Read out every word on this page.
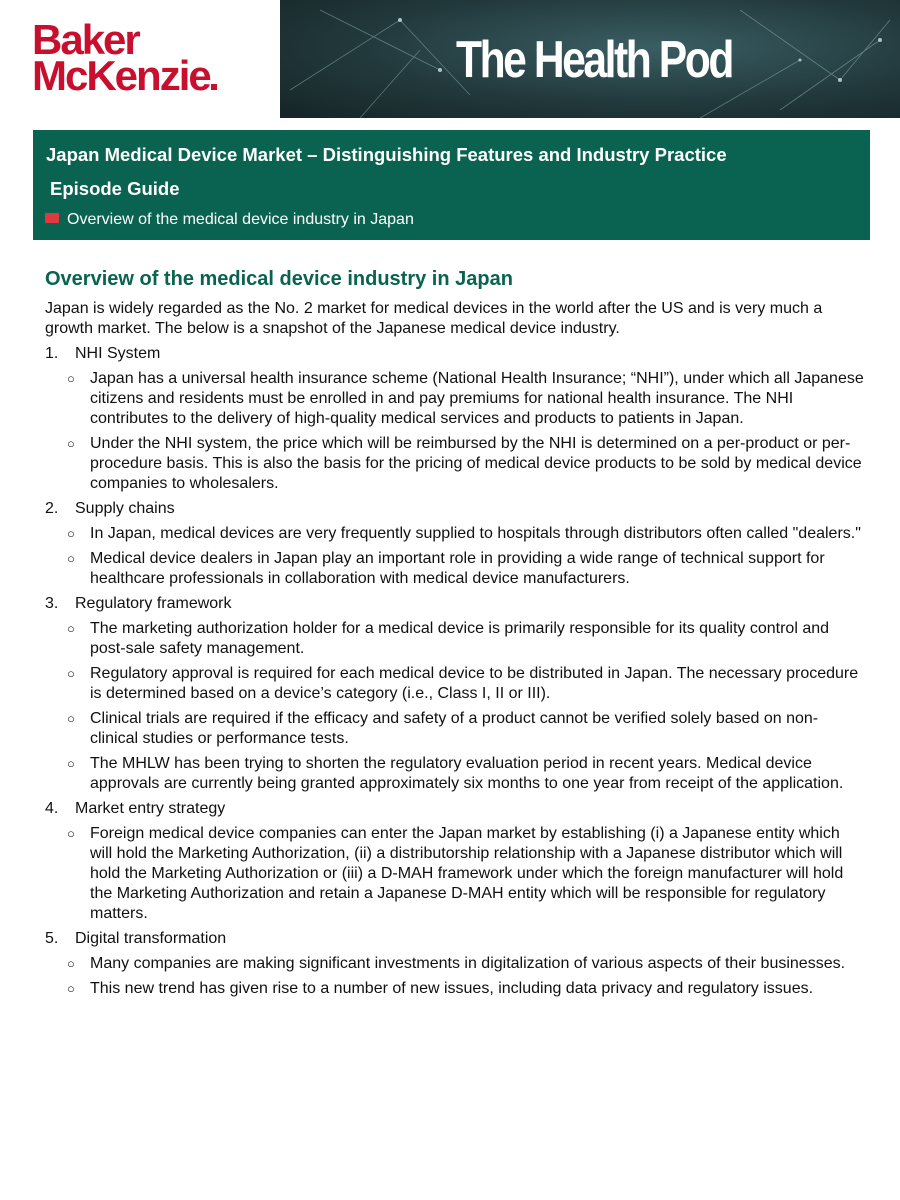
Baker
McKenzie	The Health Pod
Japan Medical Device Market – Distinguishing Features and Industry Practice
Episode Guide
Overview of the medical device industry in Japan
Overview of the medical device industry in Japan

Japan is widely regarded as the No. 2 market for medical devices in the world after the US and is very much a growth market. The below is a snapshot of the Japanese medical device industry.

1. NHI System
○ Japan has a universal health insurance scheme (National Health Insurance; “NHI”), under which all Japanese citizens and residents must be enrolled in and pay premiums for national health insurance. The NHI contributes to the delivery of high-quality medical services and products to patients in Japan.
○ Under the NHI system, the price which will be reimbursed by the NHI is determined on a per-product or per-procedure basis. This is also the basis for the pricing of medical device products to be sold by medical device companies to wholesalers.
2. Supply chains
○ In Japan, medical devices are very frequently supplied to hospitals through distributors often called "dealers."
○ Medical device dealers in Japan play an important role in providing a wide range of technical support for healthcare professionals in collaboration with medical device manufacturers.
3. Regulatory framework
○ The marketing authorization holder for a medical device is primarily responsible for its quality control and post-sale safety management.
○ Regulatory approval is required for each medical device to be distributed in Japan. The necessary procedure is determined based on a device’s category (i.e., Class I, II or III).
○ Clinical trials are required if the efficacy and safety of a product cannot be verified solely based on non-clinical studies or performance tests.
○ The MHLW has been trying to shorten the regulatory evaluation period in recent years. Medical device approvals are currently being granted approximately six months to one year from receipt of the application.
4. Market entry strategy
○ Foreign medical device companies can enter the Japan market by establishing (i) a Japanese entity which will hold the Marketing Authorization, (ii) a distributorship relationship with a Japanese distributor which will hold the Marketing Authorization or (iii) a D-MAH framework under which the foreign manufacturer will hold the Marketing Authorization and retain a Japanese D-MAH entity which will be responsible for regulatory matters.
5. Digital transformation
○ Many companies are making significant investments in digitalization of various aspects of their businesses.
○ This new trend has given rise to a number of new issues, including data privacy and regulatory issues.
